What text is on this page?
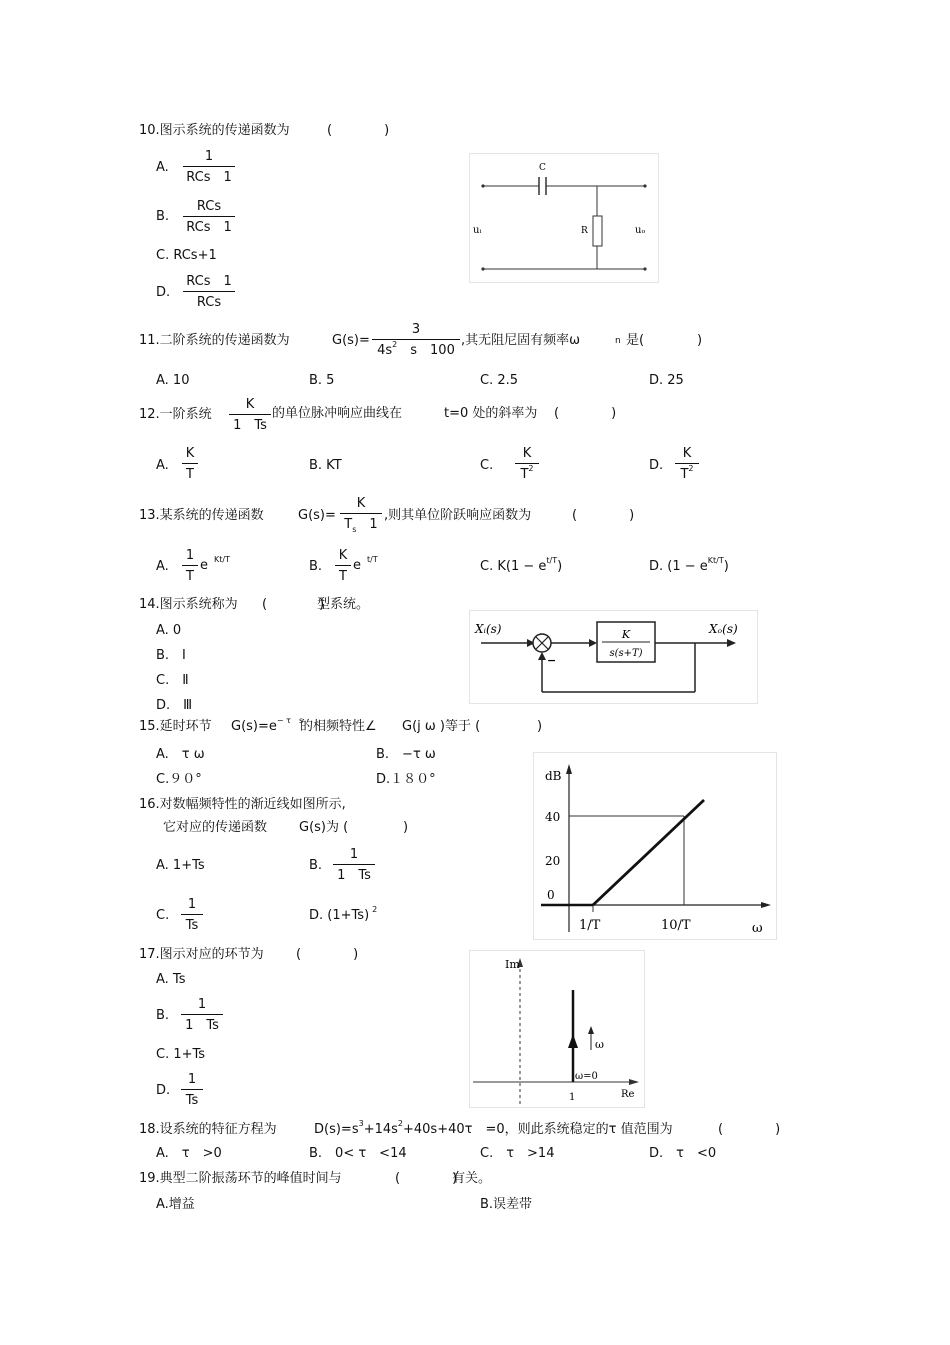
10.图示系统的传递函数为	(　　　　)
A.
1
RCs　1
B.
RCs
RCs　1
C. RCs+1
D.
RCs　1
RCs
C
R
uᵢ	uₒ
11.二阶系统的传递函数为	$G(s)= \frac{3}{4s^2 s 100}$ ,其无阻尼固有频率ω	n 是(	)
A. 10	B. 5	C. 2.5	D. 25
12.一阶系统 $\frac{K}{1 Ts}$ 的单位脉冲响应曲线在	t=0 处的斜率为 (　　　　)
A. $\frac{K}{T}$	B. KT	C. $\frac{K}{T^2}$	D. $\frac{K}{T^2}$
13.某系统的传递函数	$G(s)= \frac{K}{T_s 1}$ ,则其单位阶跃响应函数为	(　　　　)
A. $\frac{1}{T}$ e $^{Kt/T}$	B. $\frac{K}{T}$ e $^{t/T}$	C. $K(1 - e^{t/T})$	D. $(1 - e^{Kt/T})$
14.图示系统称为 (　　　　)
型系统。
A. 0
B.　Ⅰ
C.　Ⅱ
D.　Ⅲ
Xᵢ(s)	Xₒ(s)
K
s(s+T)
−
15.延时环节 $G(s)=e^{- \tau s}$
的相频特性∠ G(j ω )等于 (	)
A.　τ ω	B.　−τ ω
C.９０°	D.１８０°
16.对数幅频特性的渐近线如图所示,
它对应的传递函数 G(s)为 (	)
A. 1+Ts	B. $\frac{1}{1 Ts}$
C. $\frac{1}{Ts}$	D. (1+Ts) $^2$
dB
40
20
0
1/T	10/T	ω
17.图示对应的环节为 (　　　　)
A. Ts
B. $\frac{1}{1 Ts}$
C. 1+Ts
D. $\frac{1}{Ts}$
Im
Re
1
ω
ω=0
18.设系统的特征方程为	$D(s)=s^3+14s^2+40s+40\tau$　=0，则此系统稳定的τ 值范围为	(　　　　)
A.　τ　>0	B.　0< τ　<14	C.　τ　>14	D.　τ　<0
19.典型二阶振荡环节的峰值时间与	(　　　　)
有关。
A.增益	B.误差带
